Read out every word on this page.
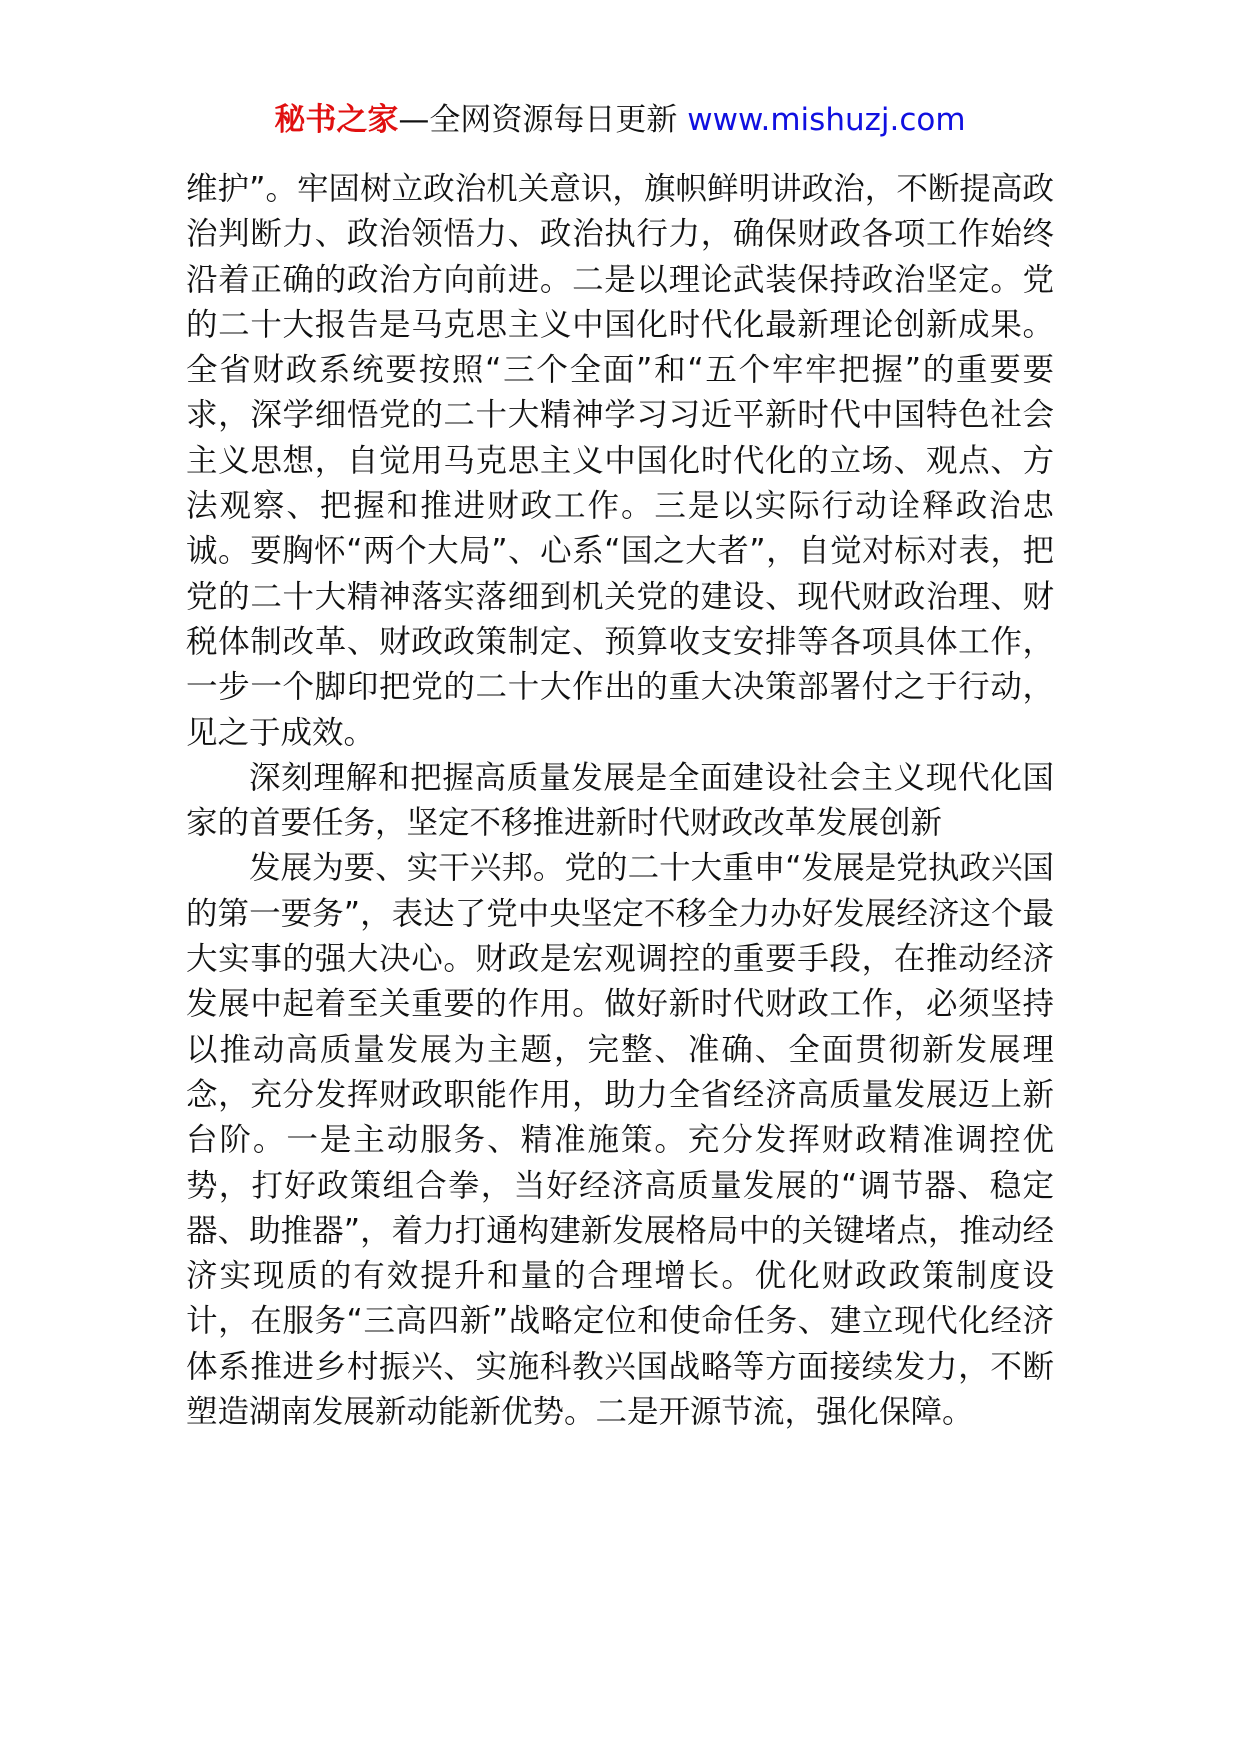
秘书之家—全网资源每日更新 www.mishuzj.com

维护”。牢固树立政治机关意识，旗帜鲜明讲政治，不断提高政治判断力、政治领悟力、政治执行力，确保财政各项工作始终沿着正确的政治方向前进。二是以理论武装保持政治坚定。党的二十大报告是马克思主义中国化时代化最新理论创新成果。全省财政系统要按照“三个全面”和“五个牢牢把握”的重要要求，深学细悟党的二十大精神学习习近平新时代中国特色社会主义思想，自觉用马克思主义中国化时代化的立场、观点、方法观察、把握和推进财政工作。三是以实际行动诠释政治忠诚。要胸怀“两个大局”、心系“国之大者”，自觉对标对表，把党的二十大精神落实落细到机关党的建设、现代财政治理、财税体制改革、财政政策制定、预算收支安排等各项具体工作，一步一个脚印把党的二十大作出的重大决策部署付之于行动，见之于成效。

深刻理解和把握高质量发展是全面建设社会主义现代化国家的首要任务，坚定不移推进新时代财政改革发展创新

发展为要、实干兴邦。党的二十大重申“发展是党执政兴国的第一要务”，表达了党中央坚定不移全力办好发展经济这个最大实事的强大决心。财政是宏观调控的重要手段，在推动经济发展中起着至关重要的作用。做好新时代财政工作，必须坚持以推动高质量发展为主题，完整、准确、全面贯彻新发展理念，充分发挥财政职能作用，助力全省经济高质量发展迈上新台阶。一是主动服务、精准施策。充分发挥财政精准调控优势，打好政策组合拳，当好经济高质量发展的“调节器、稳定器、助推器”，着力打通构建新发展格局中的关键堵点，推动经济实现质的有效提升和量的合理增长。优化财政政策制度设计，在服务“三高四新”战略定位和使命任务、建立现代化经济体系推进乡村振兴、实施科教兴国战略等方面接续发力，不断塑造湖南发展新动能新优势。二是开源节流，强化保障。
